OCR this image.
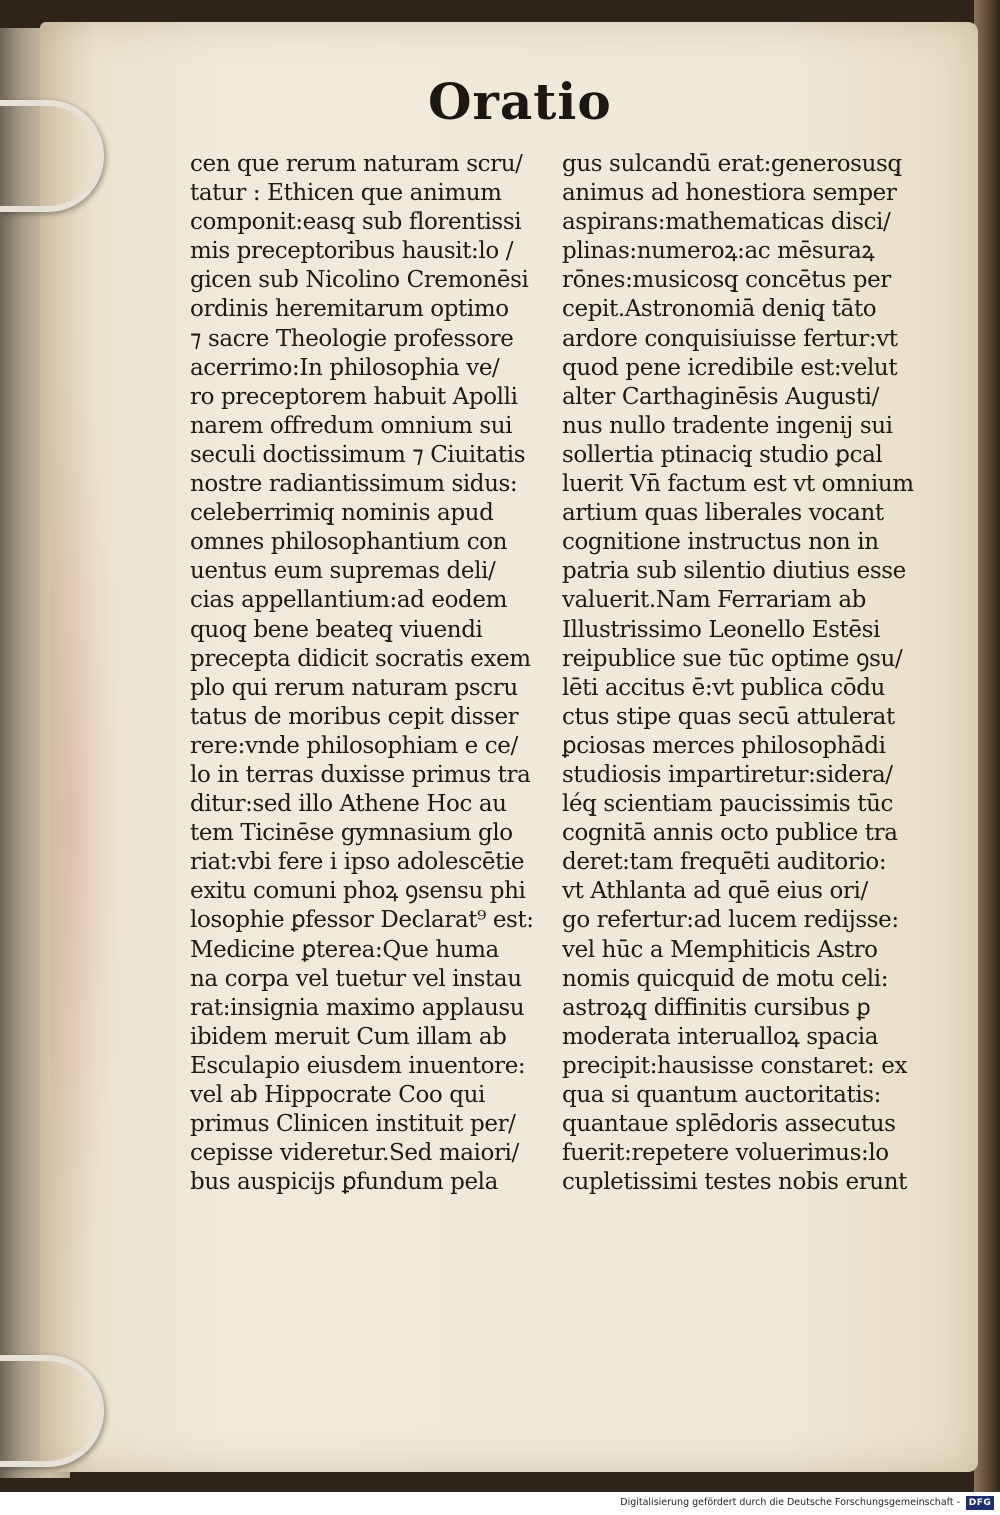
Oratio
cen que rerum naturam scru/
tatur : Ethicen que animum
componit:easq̧ sub florentissi
mis preceptoribus hausit:lo /
gicen sub Nicolino Cremonēsi
ordinis heremitarum optimo
⁊ sacre Theologie professore
acerrimo:In philosophia ve/
ro preceptorem habuit Apolli
narem offredum omnium sui
seculi doctissimum ⁊ Ciuitatis
nostre radiantissimum sidus:
celeberrimiq̧ nominis apud
omnes philosophantium con
uentus eum supremas deli/
cias appellantium:ad eodem
quoq̧ bene beateq̧ viuendi
precepta didicit socratis exem
plo qui rerum naturam pscru
tatus de moribus cepit disser
rere:vnde philosophiam e ce/
lo in terras duxisse primus tra
ditur:sed illo Athene Hoc au
tem Ticinēse gymnasium glo
riat:vbi fere i ipso adolescētie
exitu comuni phoꝝ ꝯsensu phi
losophie ꝑfessor Declarat⁹ est:
Medicine ꝑterea:Que huma
na corpa vel tuetur vel instau
rat:insignia maximo applausu
ibidem meruit Cum illam ab
Esculapio eiusdem inuentore:
vel ab Hippocrate Coo qui
primus Clinicen instituit per/
cepisse videretur.Sed maiori/
bus auspicijs ꝑfundum pela
gus sulcandū erat:generosusq̧
animus ad honestiora semper
aspirans:mathematicas disci/
plinas:numeroꝝ:ac mēsuraꝝ
rōnes:musicosq̧ concētus per
cepit.Astronomiā deniq̧ tāto
ardore conquisiuisse fertur:vt
quod pene icredibile est:velut
alter Carthaginēsis Augusti/
nus nullo tradente ingenij sui
sollertia ptinaciq̧ studio ꝑcal
luerit Vn̄ factum est vt omnium
artium quas liberales vocant
cognitione instructus non in
patria sub silentio diutius esse
valuerit.Nam Ferrariam ab
Illustrissimo Leonello Estēsi
reipublice sue tūc optime ꝯsu/
lēti accitus ē:vt publica cōdu
ctus stipe quas secū attulerat
ꝑciosas merces philosophādi
studiosis impartiretur:sidera/
léq̧ scientiam paucissimis tūc
cognitā annis octo publice tra
deret:tam frequēti auditorio:
vt Athlanta ad quē eius ori/
go refertur:ad lucem redijsse:
vel hūc a Memphiticis Astro
nomis quicquid de motu celi:
astroꝝq̧ diffinitis cursibus ꝑ
moderata interualloꝝ spacia
precipit:hausisse constaret: ex
qua si quantum auctoritatis:
quantaue splēdoris assecutus
fuerit:repetere voluerimus:lo
cupletissimi testes nobis erunt
Digitalisierung gefördert durch die Deutsche Forschungsgemeinschaft - DFG
